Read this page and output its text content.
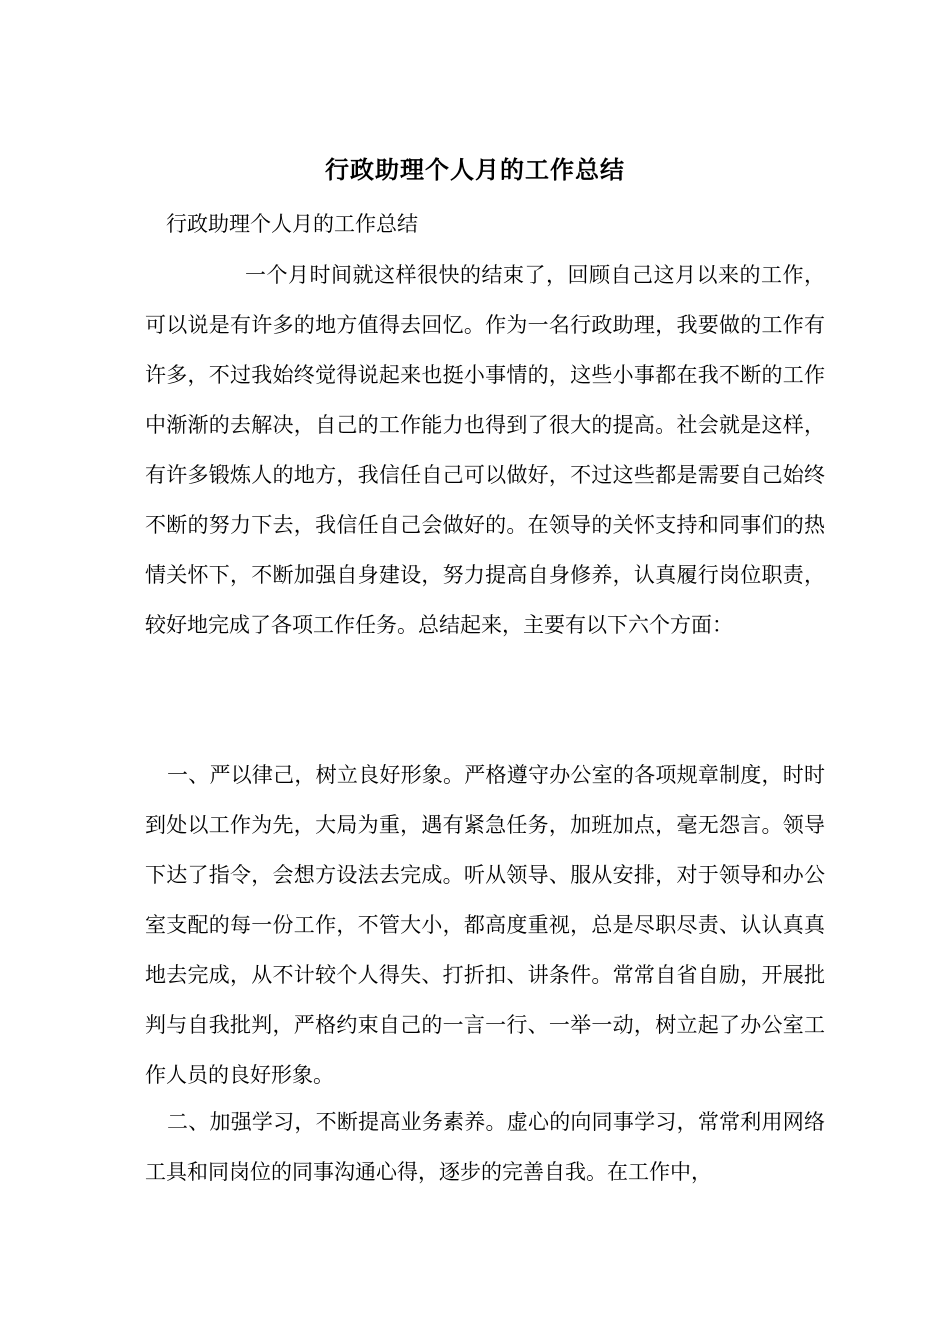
行政助理个人月的工作总结
行政助理个人月的工作总结

一个月时间就这样很快的结束了，回顾自己这月以来的工作，可以说是有许多的地方值得去回忆。作为一名行政助理，我要做的工作有许多，不过我始终觉得说起来也挺小事情的，这些小事都在我不断的工作中渐渐的去解决，自己的工作能力也得到了很大的提高。社会就是这样，有许多锻炼人的地方，我信任自己可以做好，不过这些都是需要自己始终不断的努力下去，我信任自己会做好的。在领导的关怀支持和同事们的热情关怀下，不断加强自身建设，努力提高自身修养，认真履行岗位职责，较好地完成了各项工作任务。总结起来，主要有以下六个方面：

一、严以律己，树立良好形象。严格遵守办公室的各项规章制度，时时到处以工作为先，大局为重，遇有紧急任务，加班加点，毫无怨言。领导下达了指令，会想方设法去完成。听从领导、服从安排，对于领导和办公室支配的每一份工作，不管大小，都高度重视，总是尽职尽责、认认真真地去完成，从不计较个人得失、打折扣、讲条件。常常自省自励，开展批判与自我批判，严格约束自己的一言一行、一举一动，树立起了办公室工作人员的良好形象。

二、加强学习，不断提高业务素养。虚心的向同事学习，常常利用网络工具和同岗位的同事沟通心得，逐步的完善自我。在工作中，
